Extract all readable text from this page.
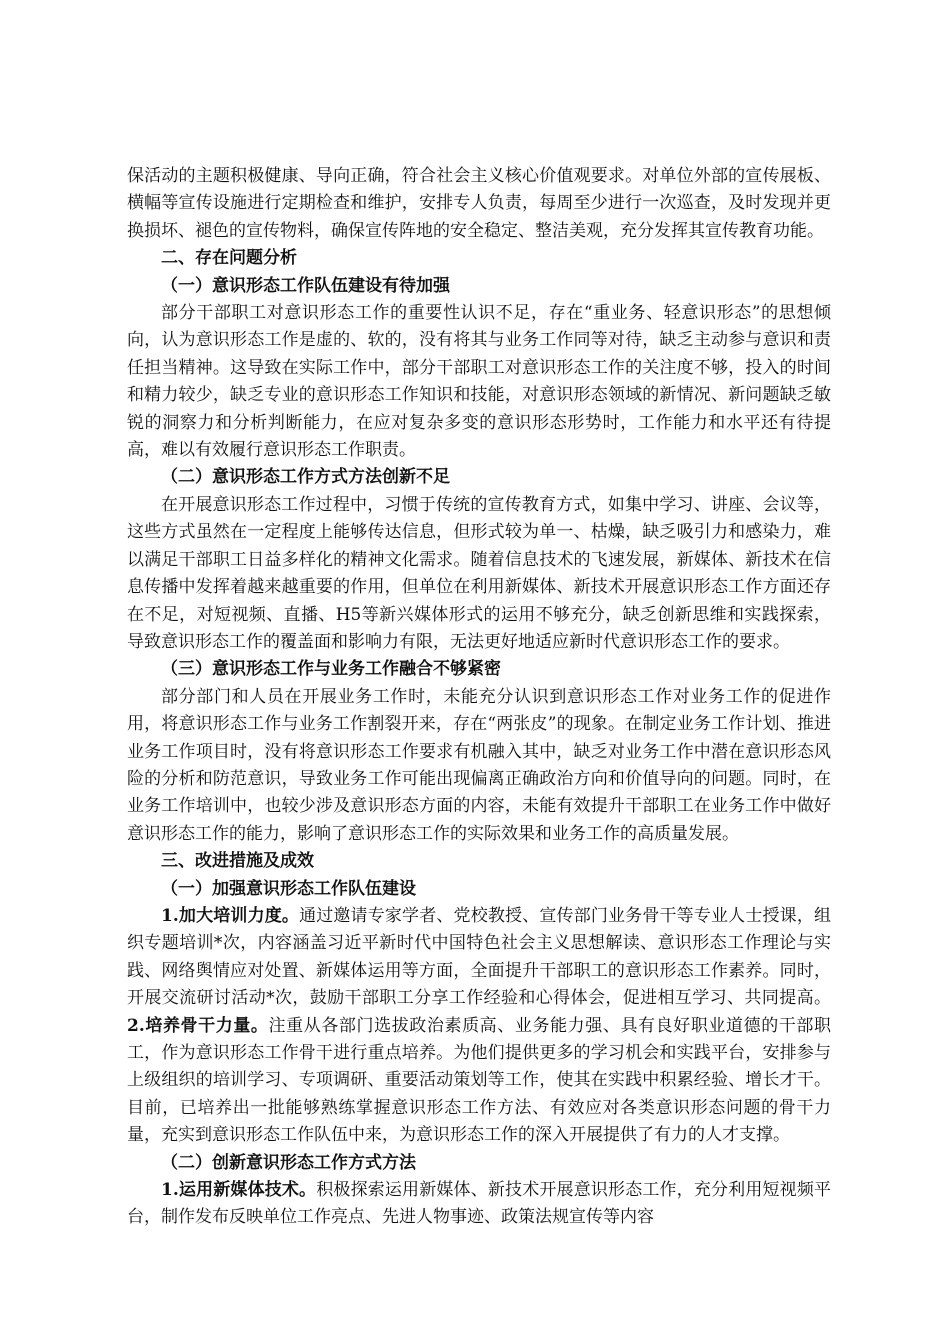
保活动的主题积极健康、导向正确，符合社会主义核心价值观要求。对单位外部的宣传展板、横幅等宣传设施进行定期检查和维护，安排专人负责，每周至少进行一次巡查，及时发现并更换损坏、褪色的宣传物料，确保宣传阵地的安全稳定、整洁美观，充分发挥其宣传教育功能。

二、存在问题分析

（一）意识形态工作队伍建设有待加强

部分干部职工对意识形态工作的重要性认识不足，存在“重业务、轻意识形态”的思想倾向，认为意识形态工作是虚的、软的，没有将其与业务工作同等对待，缺乏主动参与意识和责任担当精神。这导致在实际工作中，部分干部职工对意识形态工作的关注度不够，投入的时间和精力较少，缺乏专业的意识形态工作知识和技能，对意识形态领域的新情况、新问题缺乏敏锐的洞察力和分析判断能力，在应对复杂多变的意识形态形势时，工作能力和水平还有待提高，难以有效履行意识形态工作职责。

（二）意识形态工作方式方法创新不足

在开展意识形态工作过程中，习惯于传统的宣传教育方式，如集中学习、讲座、会议等，这些方式虽然在一定程度上能够传达信息，但形式较为单一、枯燥，缺乏吸引力和感染力，难以满足干部职工日益多样化的精神文化需求。随着信息技术的飞速发展，新媒体、新技术在信息传播中发挥着越来越重要的作用，但单位在利用新媒体、新技术开展意识形态工作方面还存在不足，对短视频、直播、H5等新兴媒体形式的运用不够充分，缺乏创新思维和实践探索，导致意识形态工作的覆盖面和影响力有限，无法更好地适应新时代意识形态工作的要求。

（三）意识形态工作与业务工作融合不够紧密

部分部门和人员在开展业务工作时，未能充分认识到意识形态工作对业务工作的促进作用，将意识形态工作与业务工作割裂开来，存在“两张皮”的现象。在制定业务工作计划、推进业务工作项目时，没有将意识形态工作要求有机融入其中，缺乏对业务工作中潜在意识形态风险的分析和防范意识，导致业务工作可能出现偏离正确政治方向和价值导向的问题。同时，在业务工作培训中，也较少涉及意识形态方面的内容，未能有效提升干部职工在业务工作中做好意识形态工作的能力，影响了意识形态工作的实际效果和业务工作的高质量发展。

三、改进措施及成效

（一）加强意识形态工作队伍建设

1.加大培训力度。通过邀请专家学者、党校教授、宣传部门业务骨干等专业人士授课，组织专题培训*次，内容涵盖习近平新时代中国特色社会主义思想解读、意识形态工作理论与实践、网络舆情应对处置、新媒体运用等方面，全面提升干部职工的意识形态工作素养。同时，开展交流研讨活动*次，鼓励干部职工分享工作经验和心得体会，促进相互学习、共同提高。2.培养骨干力量。注重从各部门选拔政治素质高、业务能力强、具有良好职业道德的干部职工，作为意识形态工作骨干进行重点培养。为他们提供更多的学习机会和实践平台，安排参与上级组织的培训学习、专项调研、重要活动策划等工作，使其在实践中积累经验、增长才干。目前，已培养出一批能够熟练掌握意识形态工作方法、有效应对各类意识形态问题的骨干力量，充实到意识形态工作队伍中来，为意识形态工作的深入开展提供了有力的人才支撑。

（二）创新意识形态工作方式方法

1.运用新媒体技术。积极探索运用新媒体、新技术开展意识形态工作，充分利用短视频平台，制作发布反映单位工作亮点、先进人物事迹、政策法规宣传等内容
